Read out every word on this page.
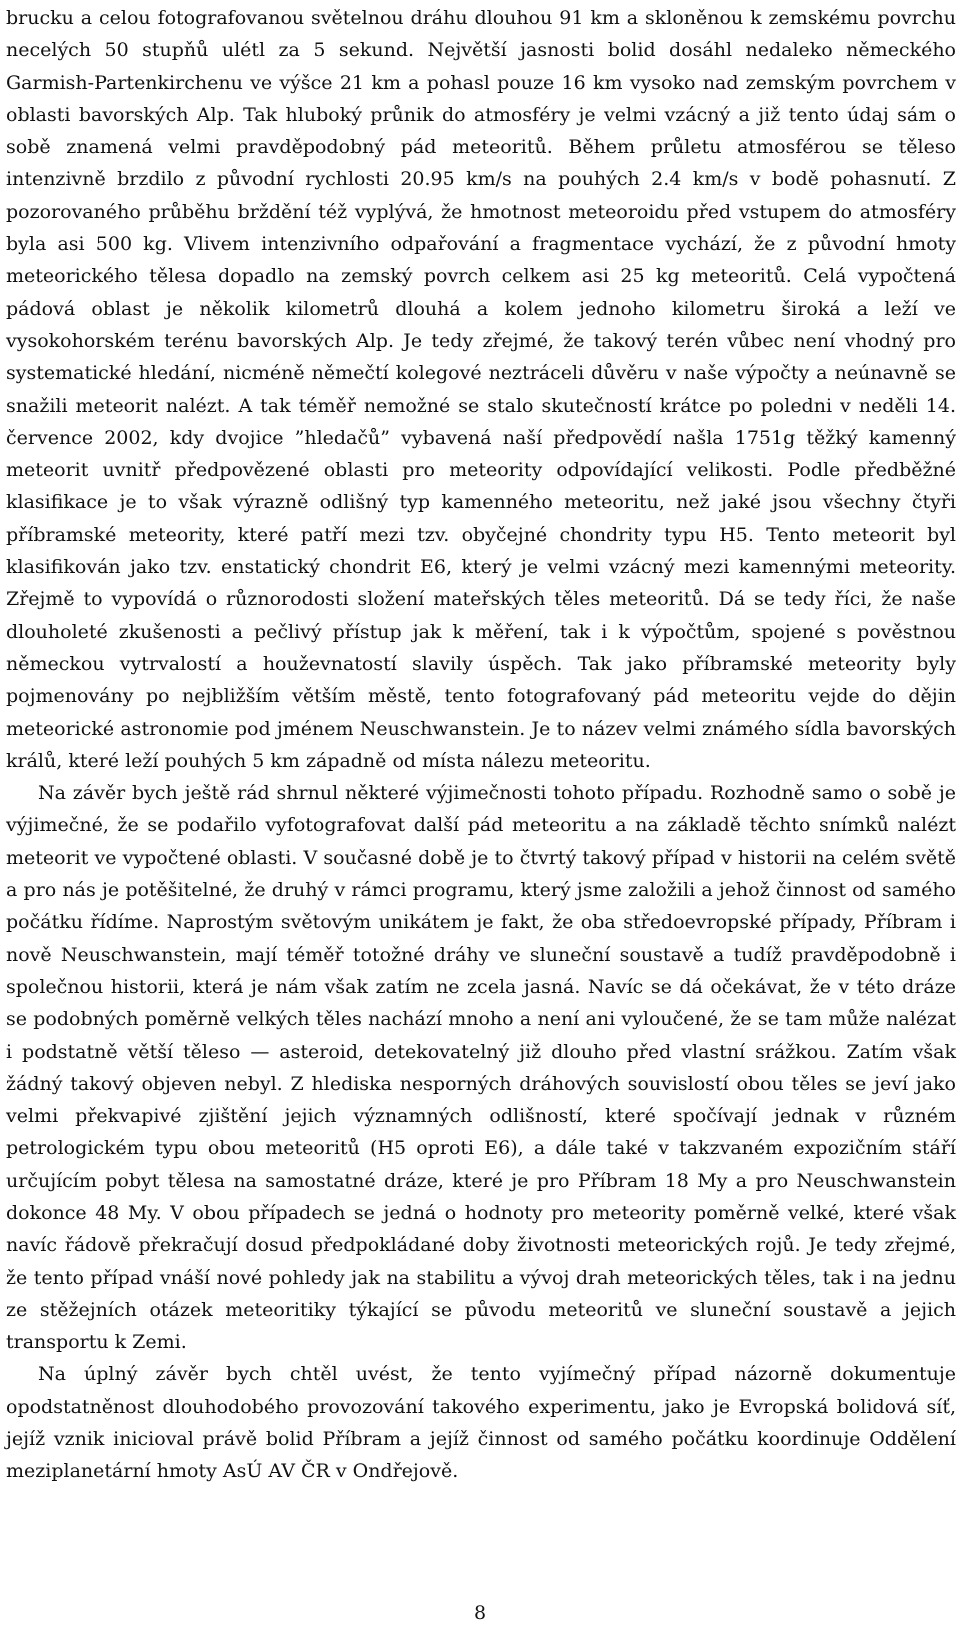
brucku a celou fotografovanou světelnou dráhu dlouhou 91 km a skloněnou k zemskému povrchu necelých 50 stupňů ulétl za 5 sekund. Největší jasnosti bolid dosáhl nedaleko německého Garmish-Partenkirchenu ve výšce 21 km a pohasl pouze 16 km vysoko nad zemským povrchem v oblasti bavorských Alp. Tak hluboký průnik do atmosféry je velmi vzácný a již tento údaj sám o sobě znamená velmi pravděpodobný pád meteoritů. Během průletu atmosférou se těleso intenzivně brzdilo z původní rychlosti 20.95 km/s na pouhých 2.4 km/s v bodě pohasnutí. Z pozorovaného průběhu brždění též vyplývá, že hmotnost meteoroidu před vstupem do atmosféry byla asi 500 kg. Vlivem intenzivního odpařování a fragmentace vychází, že z původní hmoty meteorického tělesa dopadlo na zemský povrch celkem asi 25 kg meteoritů. Celá vypočtená pádová oblast je několik kilometrů dlouhá a kolem jednoho kilometru široká a leží ve vysokohorském terénu bavorských Alp. Je tedy zřejmé, že takový terén vůbec není vhodný pro systematické hledání, nicméně němečtí kolegové neztráceli důvěru v naše výpočty a neúnavně se snažili meteorit nalézt. A tak téměř nemožné se stalo skutečností krátce po poledni v neděli 14. července 2002, kdy dvojice ”hledačů” vybavená naší předpovědí našla 1751g těžký kamenný meteorit uvnitř předpovězené oblasti pro meteority odpovídající velikosti. Podle předběžné klasifikace je to však výrazně odlišný typ kamenného meteoritu, než jaké jsou všechny čtyři příbramské meteority, které patří mezi tzv. obyčejné chondrity typu H5. Tento meteorit byl klasifikován jako tzv. enstatický chondrit E6, který je velmi vzácný mezi kamennými meteority. Zřejmě to vypovídá o různorodosti složení mateřských těles meteoritů. Dá se tedy říci, že naše dlouholeté zkušenosti a pečlivý přístup jak k měření, tak i k výpočtům, spojené s pověstnou německou vytrvalostí a houževnatostí slavily úspěch. Tak jako příbramské meteority byly pojmenovány po nejbližším větším městě, tento fotografovaný pád meteoritu vejde do dějin meteorické astronomie pod jménem Neuschwanstein. Je to název velmi známého sídla bavorských králů, které leží pouhých 5 km západně od místa nálezu meteoritu.

Na závěr bych ještě rád shrnul některé výjimečnosti tohoto případu. Rozhodně samo o sobě je výjimečné, že se podařilo vyfotografovat další pád meteoritu a na základě těchto snímků nalézt meteorit ve vypočtené oblasti. V současné době je to čtvrtý takový případ v historii na celém světě a pro nás je potěšitelné, že druhý v rámci programu, který jsme založili a jehož činnost od samého počátku řídíme. Naprostým světovým unikátem je fakt, že oba středoevropské případy, Příbram i nově Neuschwanstein, mají téměř totožné dráhy ve sluneční soustavě a tudíž pravděpodobně i společnou historii, která je nám však zatím ne zcela jasná. Navíc se dá očekávat, že v této dráze se podobných poměrně velkých těles nachází mnoho a není ani vyloučené, že se tam může nalézat i podstatně větší těleso — asteroid, detekovatelný již dlouho před vlastní srážkou. Zatím však žádný takový objeven nebyl. Z hlediska nesporných dráhových souvislostí obou těles se jeví jako velmi překvapivé zjištění jejich významných odlišností, které spočívají jednak v různém petrologickém typu obou meteoritů (H5 oproti E6), a dále také v takzvaném expozičním stáří určujícím pobyt tělesa na samostatné dráze, které je pro Příbram 18 My a pro Neuschwanstein dokonce 48 My. V obou případech se jedná o hodnoty pro meteority poměrně velké, které však navíc řádově překračují dosud předpokládané doby životnosti meteorických rojů. Je tedy zřejmé, že tento případ vnáší nové pohledy jak na stabilitu a vývoj drah meteorických těles, tak i na jednu ze stěžejních otázek meteoritiky týkající se původu meteoritů ve sluneční soustavě a jejich transportu k Zemi.

Na úplný závěr bych chtěl uvést, že tento vyjímečný případ názorně dokumentuje opodstatněnost dlouhodobého provozování takového experimentu, jako je Evropská bolidová síť, jejíž vznik inicioval právě bolid Příbram a jejíž činnost od samého počátku koordinuje Oddělení meziplanetární hmoty AsÚ AV ČR v Ondřejově.

8
